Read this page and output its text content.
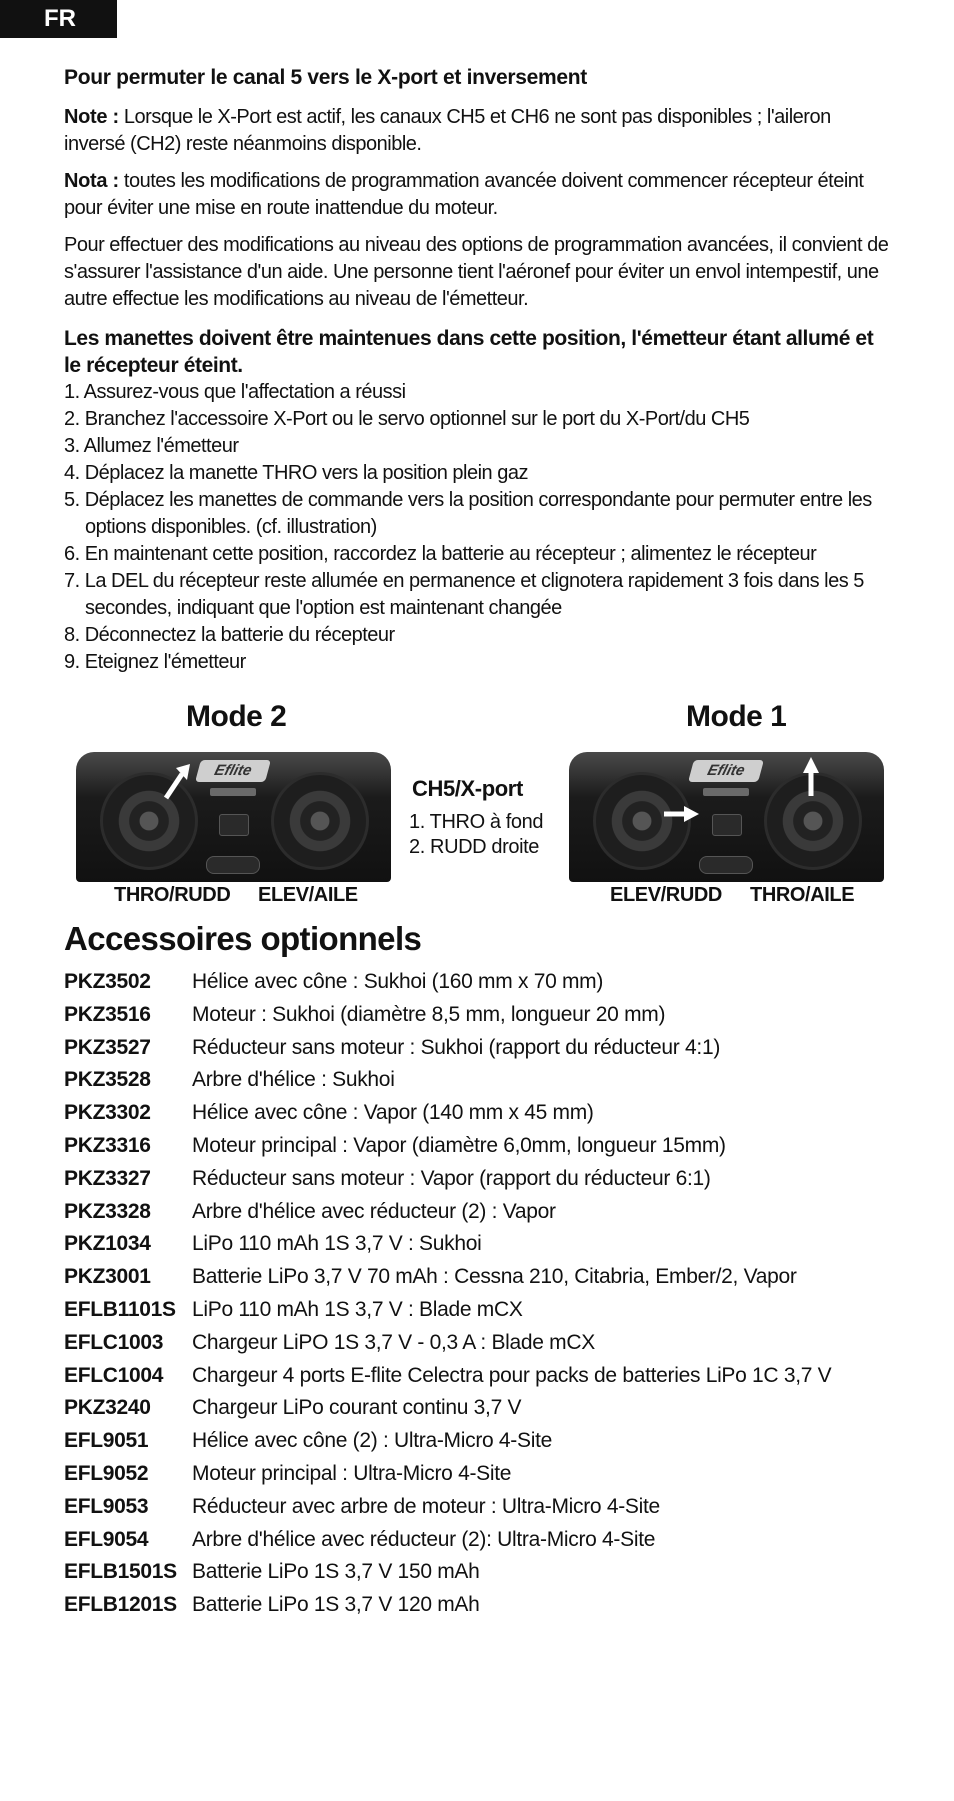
FR
Pour permuter le canal 5 vers le X-port et inversement

Note : Lorsque le X-Port est actif, les canaux CH5 et CH6 ne sont pas disponibles ; l'aileron inversé (CH2) reste néanmoins disponible.

Nota : toutes les modifications de programmation avancée doivent commencer récepteur éteint pour éviter une mise en route inattendue du moteur.

Pour effectuer des modifications au niveau des options de programmation avancées, il convient de s'assurer l'assistance d'un aide. Une personne tient l'aéronef pour éviter un envol intempestif, une autre effectue les modifications au niveau de l'émetteur.

Les manettes doivent être maintenues dans cette position, l'émetteur étant allumé et le récepteur éteint.
1. Assurez-vous que l'affectation a réussi
2. Branchez l'accessoire X-Port ou le servo optionnel sur le port du X-Port/du CH5
3. Allumez l'émetteur
4. Déplacez la manette THRO vers la position plein gaz
5. Déplacez les manettes de commande vers la position correspondante pour permuter entre les options disponibles. (cf. illustration)
6. En maintenant cette position, raccordez la batterie au récepteur ; alimentez le récepteur
7. La DEL du récepteur reste allumée en permanence et clignotera rapidement 3 fois dans les 5 secondes, indiquant que l'option est maintenant changée
8. Déconnectez la batterie du récepteur
9. Eteignez l'émetteur
Mode 2	Mode 1
Eflite
THRO/RUDD ELEV/AILE
CH5/X-port
1. THRO à fond
2. RUDD droite
Eflite
ELEV/RUDD THRO/AILE
Accessoires optionnels
PKZ3502	Hélice avec cône : Sukhoi (160 mm x 70 mm)
PKZ3516	Moteur : Sukhoi (diamètre 8,5 mm, longueur 20 mm)
PKZ3527	Réducteur sans moteur : Sukhoi (rapport du réducteur 4:1)
PKZ3528	Arbre d'hélice : Sukhoi
PKZ3302	Hélice avec cône : Vapor (140 mm x 45 mm)
PKZ3316	Moteur principal : Vapor (diamètre 6,0mm, longueur 15mm)
PKZ3327	Réducteur sans moteur : Vapor (rapport du réducteur 6:1)
PKZ3328	Arbre d'hélice avec réducteur (2) : Vapor
PKZ1034	LiPo 110 mAh 1S 3,7 V : Sukhoi
PKZ3001	Batterie LiPo 3,7 V 70 mAh : Cessna 210, Citabria, Ember/2, Vapor
EFLB1101S LiPo 110 mAh 1S 3,7 V : Blade mCX
EFLC1003	Chargeur LiPO 1S 3,7 V - 0,3 A : Blade mCX
EFLC1004	Chargeur 4 ports E-flite Celectra pour packs de batteries LiPo 1C 3,7 V
PKZ3240	Chargeur LiPo courant continu 3,7 V
EFL9051	Hélice avec cône (2) : Ultra-Micro 4-Site
EFL9052	Moteur principal : Ultra-Micro 4-Site
EFL9053	Réducteur avec arbre de moteur : Ultra-Micro 4-Site
EFL9054	Arbre d'hélice avec réducteur (2): Ultra-Micro 4-Site
EFLB1501S Batterie LiPo 1S 3,7 V 150 mAh
EFLB1201S Batterie LiPo 1S 3,7 V 120 mAh
